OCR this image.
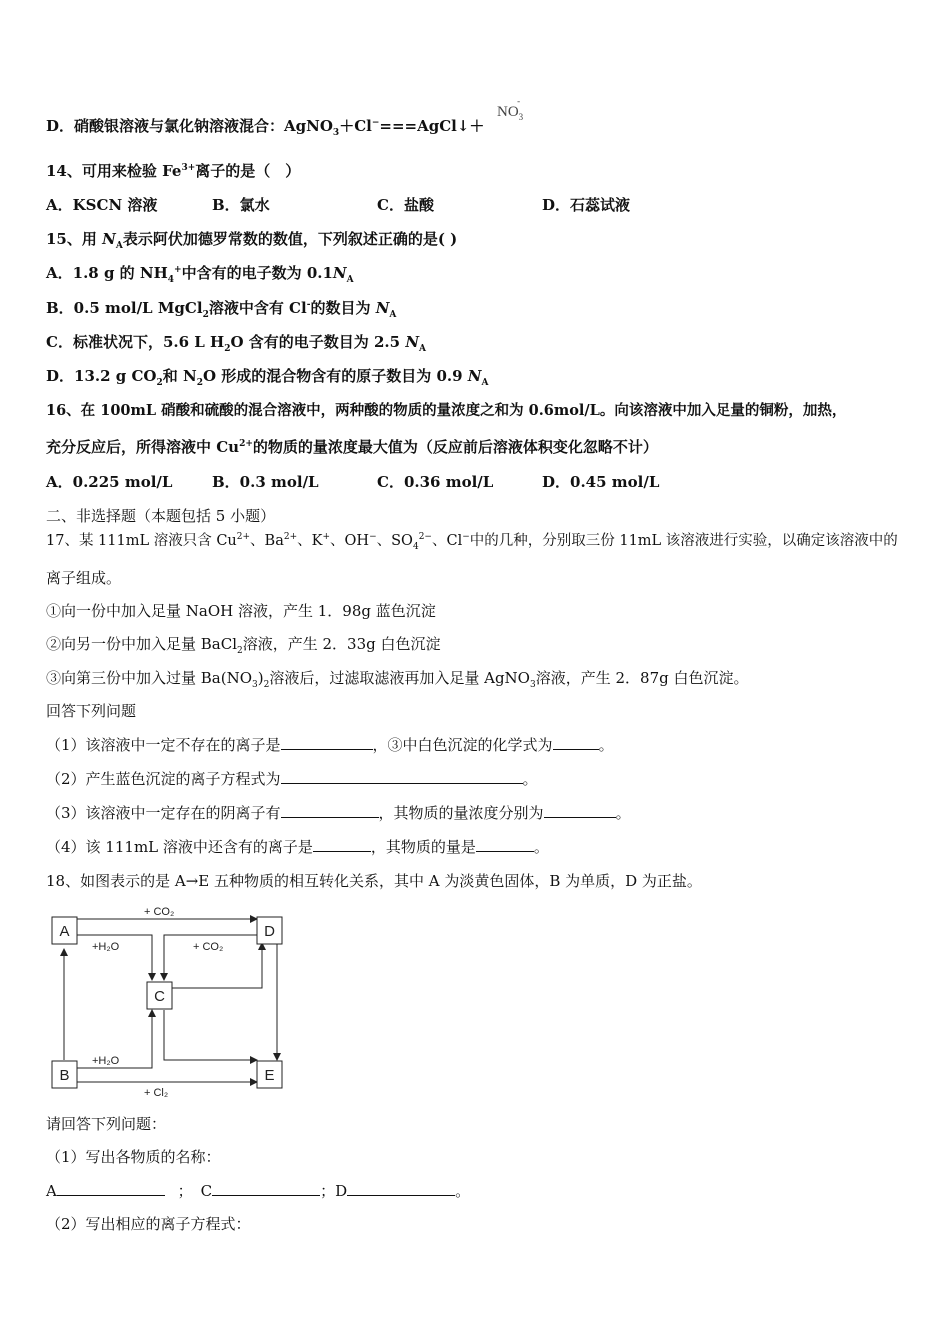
D．硝酸银溶液与氯化钠溶液混合：AgNO$_3$＋Cl−===AgCl↓＋
$NO_3^-$
14、可用来检验 $Fe^{3+}$离子的是（　）
A．KSCN 溶液	B．氯水	C．盐酸	D．石蕊试液
15、用 $N_A$表示阿伏加德罗常数的数值，下列叙述正确的是( )
A．1.8 g 的 $NH_4^+$中含有的电子数为 $0.1N_A$
B．0.5 mol/L MgCl$_2$溶液中含有 Cl-的数目为 $N_A$
C．标准状况下，5.6 L $H_2O$ 含有的电子数目为 2.5 $N_A$
D．13.2 g $CO_2$和 $N_2O$ 形成的混合物含有的原子数目为 0.9 $N_A$
16、在 100mL 硝酸和硫酸的混合溶液中，两种酸的物质的量浓度之和为 0.6mol/L。向该溶液中加入足量的铜粉，加热，
充分反应后，所得溶液中 $Cu^{2+}$的物质的量浓度最大值为（反应前后溶液体积变化忽略不计）
A．0.225 mol/L	B．0.3 mol/L	C．0.36 mol/L	D．0.45 mol/L
二、非选择题（本题包括 5 小题）
17、某 111mL 溶液只含 $Cu^{2+}$、$Ba^{2+}$、K+、OH−、$SO_4^{2-}$、Cl−中的几种，分别取三份 11mL 该溶液进行实验，以确定该溶液中的
离子组成。
①向一份中加入足量 NaOH 溶液，产生 1．98g 蓝色沉淀
②向另一份中加入足量 BaCl$_2$溶液，产生 2．33g 白色沉淀
③向第三份中加入过量 $Ba(NO_3)_2$溶液后，过滤取滤液再加入足量 AgNO$_3$溶液，产生 2．87g 白色沉淀。
回答下列问题
（1）该溶液中一定不存在的离子是	，③中白色沉淀的化学式为	。
（2）产生蓝色沉淀的离子方程式为	。
（3）该溶液中一定存在的阴离子有	，其物质的量浓度分别为	。
（4）该 111mL 溶液中还含有的离子是	，其物质的量是	。
18、如图表示的是 A→E 五种物质的相互转化关系，其中 A 为淡黄色固体，B 为单质，D 为正盐。
A	D
C
B	E
+ CO₂
+H₂O	+ CO₂
+H₂O
+ Cl₂
请回答下列问题：
（1）写出各物质的名称：
A	； C	；D	。
（2）写出相应的离子方程式：
